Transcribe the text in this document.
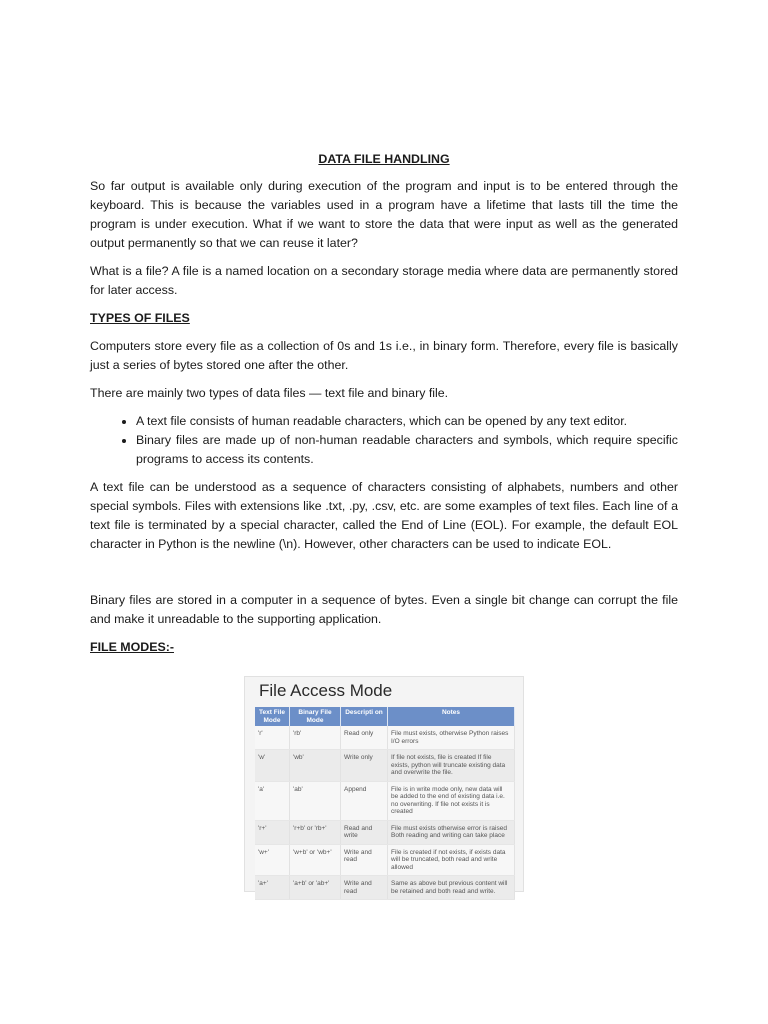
DATA FILE HANDLING

So far output is available only during execution of the program and input is to be entered through the keyboard. This is because the variables used in a program have a lifetime that lasts till the time the program is under execution. What if we want to store the data that were input as well as the generated output permanently so that we can reuse it later?

What is a file? A file is a named location on a secondary storage media where data are permanently stored for later access.

TYPES OF FILES

Computers store every file as a collection of 0s and 1s i.e., in binary form. Therefore, every file is basically just a series of bytes stored one after the other.

There are mainly two types of data files — text file and binary file.

• A text file consists of human readable characters, which can be opened by any text editor.
• Binary files are made up of non-human readable characters and symbols, which require specific programs to access its contents.

A text file can be understood as a sequence of characters consisting of alphabets, numbers and other special symbols. Files with extensions like .txt, .py, .csv, etc. are some examples of text files. Each line of a text file is terminated by a special character, called the End of Line (EOL). For example, the default EOL character in Python is the newline (\n). However, other characters can be used to indicate EOL.

Binary files are stored in a computer in a sequence of bytes. Even a single bit change can corrupt the file and make it unreadable to the supporting application.

FILE MODES:-
File Access Mode
Text File Mode	Binary File Mode	Descripti on	Notes
'r'	'rb'	Read only	File must exists, otherwise Python raises I/O errors
'w'	'wb'	Write only	If file not exists, file is created If file exists, python will truncate existing data and overwrite the file.
'a'	'ab'	Append	File is in write mode only, new data will be added to the end of existing data i.e. no overwriting. If file not exists it is created
'r+'	'r+b' or 'rb+'	Read and write	File must exists otherwise error is raised Both reading and writing can take place
'w+'	'w+b' or 'wb+'	Write and read	File is created if not exists, if exists data will be truncated, both read and write allowed
'a+'	'a+b' or 'ab+'	Write and read	Same as above but previous content will be retained and both read and write.
